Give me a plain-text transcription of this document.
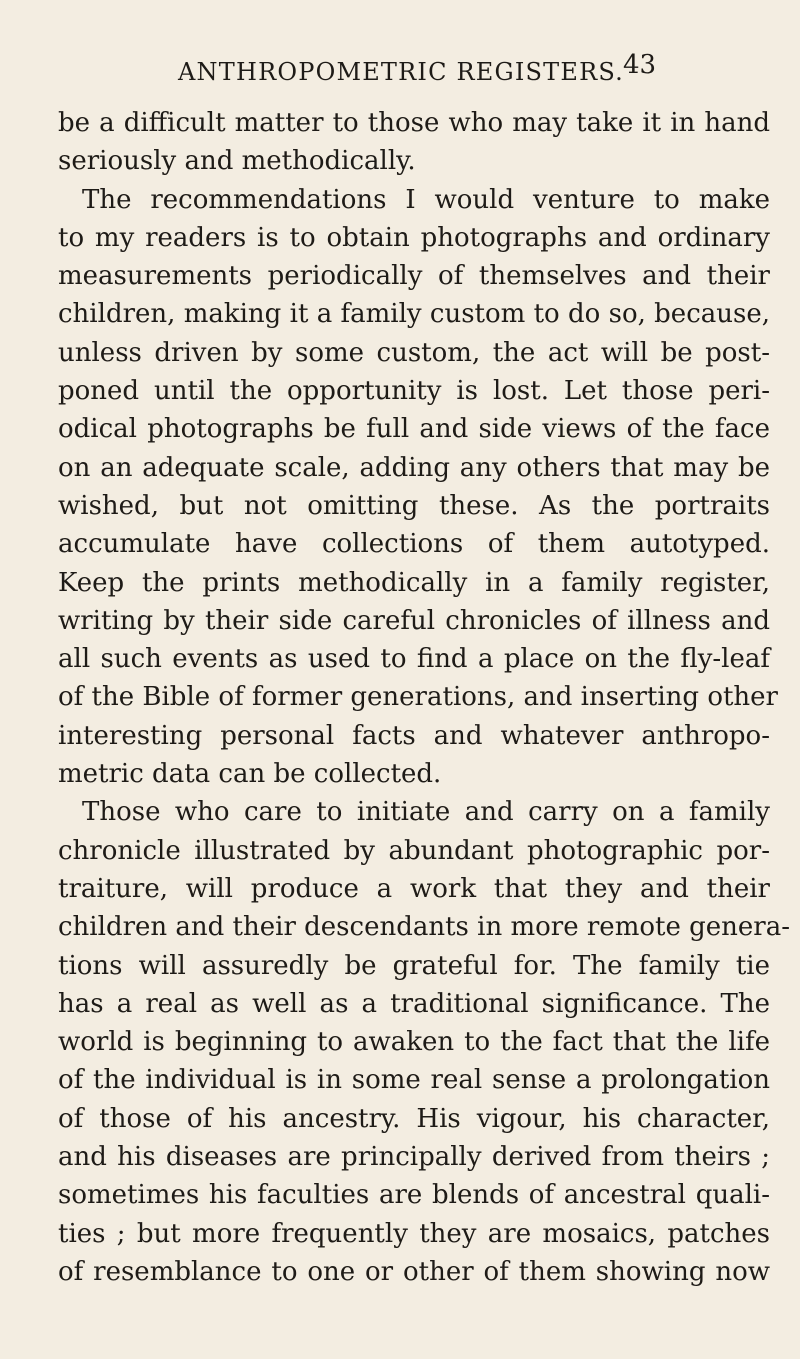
ANTHROPOMETRIC REGISTERS. 43
be a difficult matter to those who may take it in hand
seriously and methodically.
The recommendations I would venture to make
to my readers is to obtain photographs and ordinary
measurements periodically of themselves and their
children, making it a family custom to do so, because,
unless driven by some custom, the act will be post-
poned until the opportunity is lost. Let those peri-
odical photographs be full and side views of the face
on an adequate scale, adding any others that may be
wished, but not omitting these. As the portraits
accumulate have collections of them autotyped.
Keep the prints methodically in a family register,
writing by their side careful chronicles of illness and
all such events as used to find a place on the fly-leaf
of the Bible of former generations, and inserting other
interesting personal facts and whatever anthropo-
metric data can be collected.
Those who care to initiate and carry on a family
chronicle illustrated by abundant photographic por-
traiture, will produce a work that they and their
children and their descendants in more remote genera-
tions will assuredly be grateful for. The family tie
has a real as well as a traditional significance. The
world is beginning to awaken to the fact that the life
of the individual is in some real sense a prolongation
of those of his ancestry. His vigour, his character,
and his diseases are principally derived from theirs ;
sometimes his faculties are blends of ancestral quali-
ties ; but more frequently they are mosaics, patches
of resemblance to one or other of them showing now
